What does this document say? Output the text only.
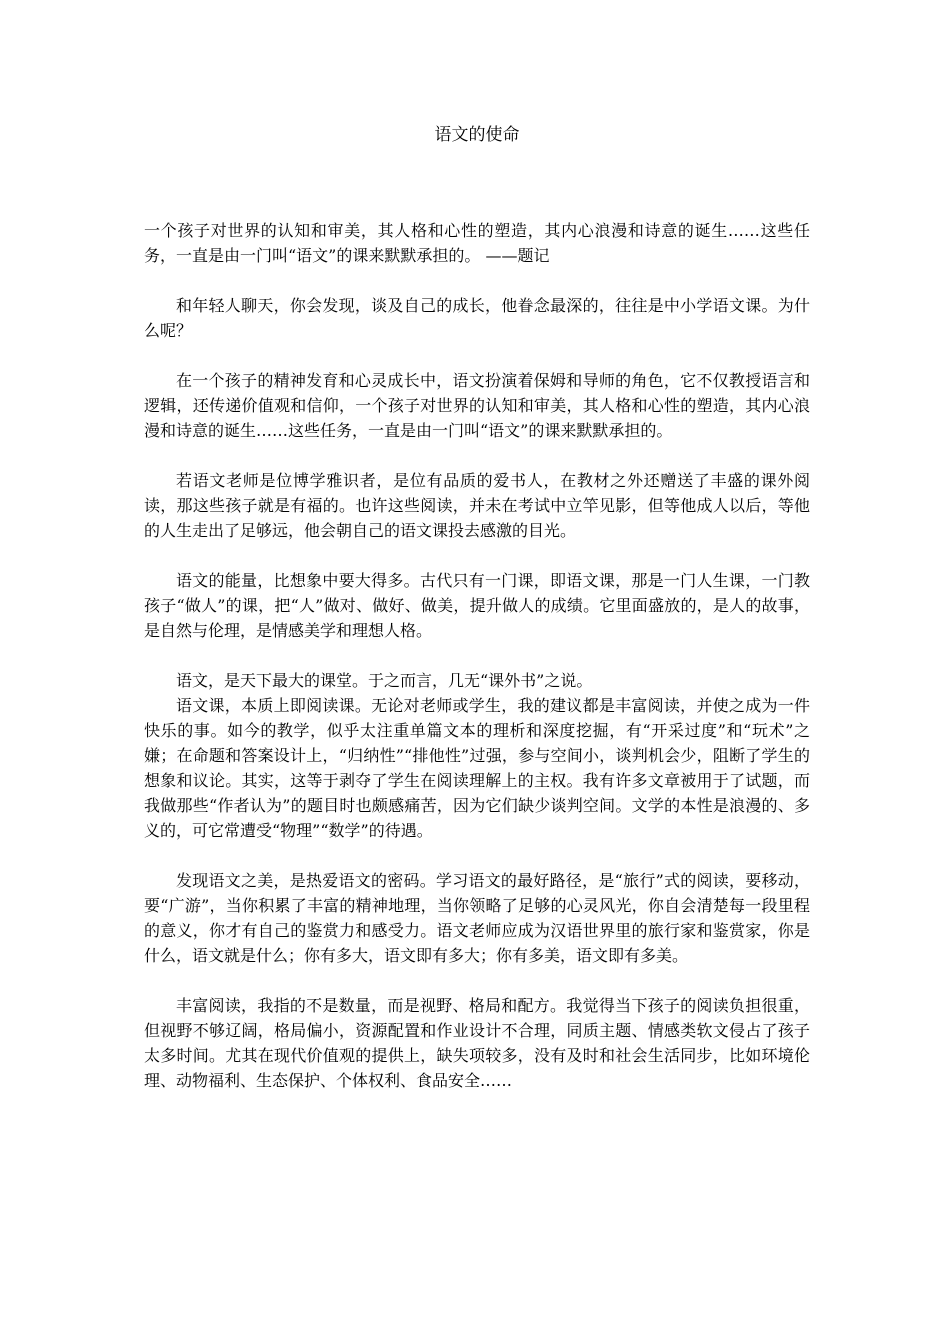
语文的使命

一个孩子对世界的认知和审美，其人格和心性的塑造，其内心浪漫和诗意的诞生……这些任务，一直是由一门叫“语文”的课来默默承担的。 ——题记

和年轻人聊天，你会发现，谈及自己的成长，他眷念最深的，往往是中小学语文课。为什么呢？

在一个孩子的精神发育和心灵成长中，语文扮演着保姆和导师的角色，它不仅教授语言和逻辑，还传递价值观和信仰，一个孩子对世界的认知和审美，其人格和心性的塑造，其内心浪漫和诗意的诞生……这些任务，一直是由一门叫“语文”的课来默默承担的。

若语文老师是位博学雅识者，是位有品质的爱书人，在教材之外还赠送了丰盛的课外阅读，那这些孩子就是有福的。也许这些阅读，并未在考试中立竿见影，但等他成人以后，等他的人生走出了足够远，他会朝自己的语文课投去感激的目光。

语文的能量，比想象中要大得多。古代只有一门课，即语文课，那是一门人生课，一门教孩子“做人”的课，把“人”做对、做好、做美，提升做人的成绩。它里面盛放的，是人的故事，是自然与伦理，是情感美学和理想人格。

语文，是天下最大的课堂。于之而言，几无“课外书”之说。

语文课，本质上即阅读课。无论对老师或学生，我的建议都是丰富阅读，并使之成为一件快乐的事。如今的教学，似乎太注重单篇文本的理析和深度挖掘，有“开采过度”和“玩术”之嫌；在命题和答案设计上，“归纳性”“排他性”过强，参与空间小，谈判机会少，阻断了学生的想象和议论。其实，这等于剥夺了学生在阅读理解上的主权。我有许多文章被用于了试题，而我做那些“作者认为”的题目时也颇感痛苦，因为它们缺少谈判空间。文学的本性是浪漫的、多义的，可它常遭受“物理”“数学”的待遇。

发现语文之美，是热爱语文的密码。学习语文的最好路径，是“旅行”式的阅读，要移动，要“广游”，当你积累了丰富的精神地理，当你领略了足够的心灵风光，你自会清楚每一段里程的意义，你才有自己的鉴赏力和感受力。语文老师应成为汉语世界里的旅行家和鉴赏家，你是什么，语文就是什么；你有多大，语文即有多大；你有多美，语文即有多美。

丰富阅读，我指的不是数量，而是视野、格局和配方。我觉得当下孩子的阅读负担很重，但视野不够辽阔，格局偏小，资源配置和作业设计不合理，同质主题、情感类软文侵占了孩子太多时间。尤其在现代价值观的提供上，缺失项较多，没有及时和社会生活同步，比如环境伦理、动物福利、生态保护、个体权利、食品安全……
